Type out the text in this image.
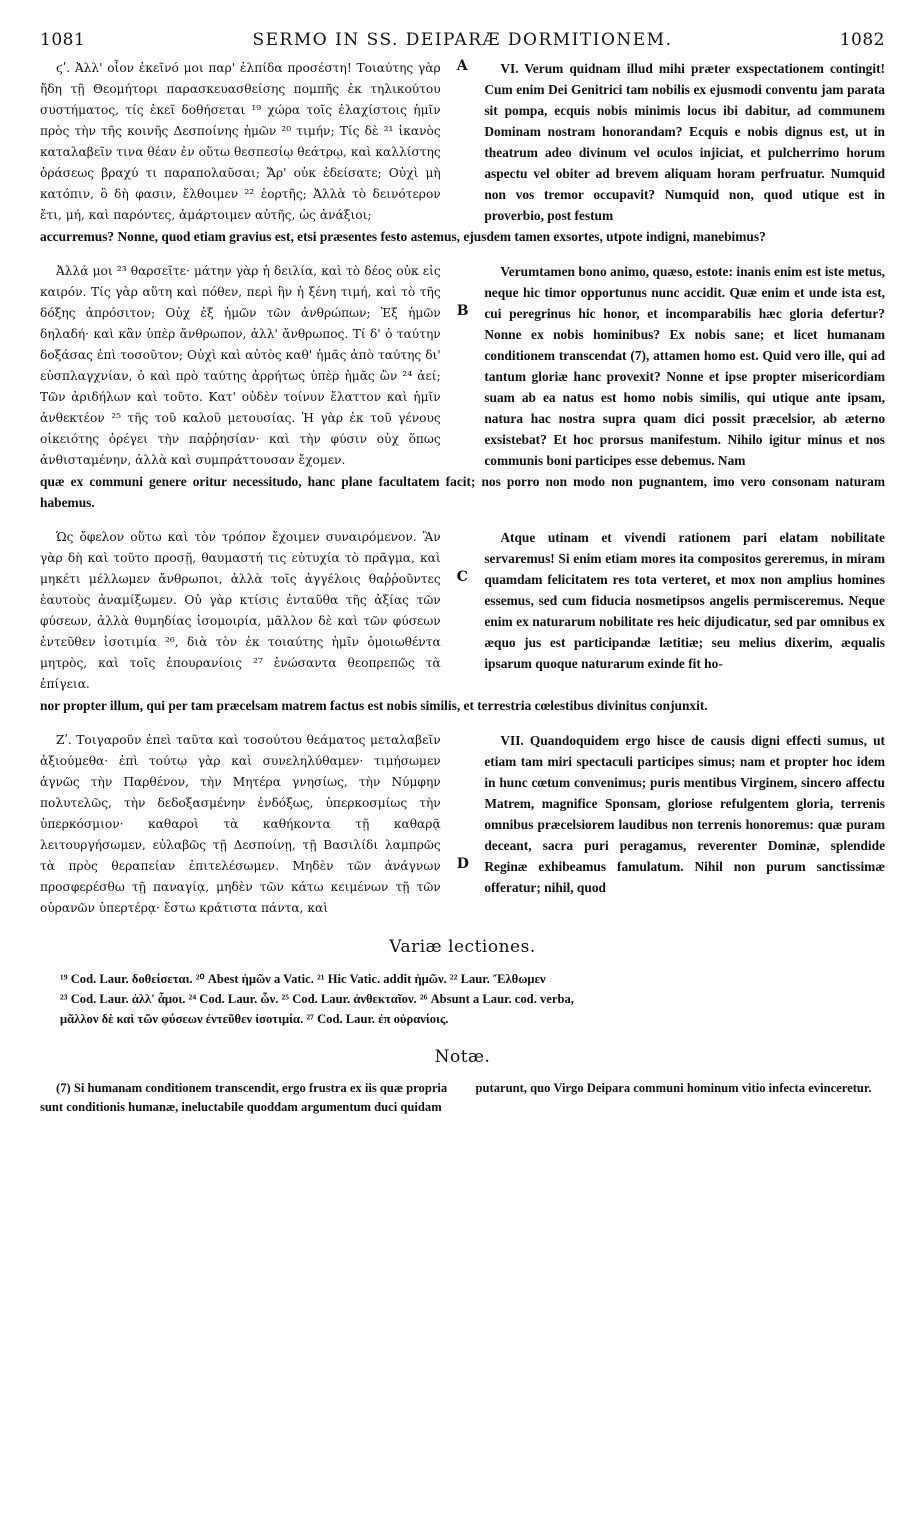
1081	SERMO IN SS. DEIPARÆ DORMITIONEM.	1082

ϛʹ. Ἀλλ' οἷον ἐκεῖνό μοι παρ' ἐλπίδα προσέστη! Τοιαύτης γὰρ ἤδη τῇ Θεομήτορι παρασκευασθείσης πομπῆς ἐκ τηλικούτου συστήματος, τίς ἐκεῖ δοθήσεται ¹⁹ χώρα τοῖς ἐλαχίστοις ἡμῖν πρὸς τὴν τῆς κοινῆς Δεσποίνης ἡμῶν ²⁰ τιμήν; Τίς δὲ ²¹ ἱκανὸς καταλαβεῖν τινα θέαν ἐν οὕτω θεσπεσίῳ θεάτρῳ, καὶ καλλίστης ὁράσεως βραχύ τι παραπολαῦσαι; Ἄρ' οὐκ ἐδείσατε; Οὐχὶ μὴ κατόπιν, ὃ δὴ φασιν, ἔλθοιμεν ²² ἑορτῆς; Ἀλλὰ τὸ δεινότερον ἔτι, μή, καὶ παρόντες, ἁμάρτοιμεν αὐτῆς, ὡς ἀνάξιοι;

A	VI. Verum quidnam illud mihi præter exspectationem contingit! Cum enim Dei Genitrici tam nobilis ex ejusmodi conventu jam parata sit pompa, ecquis nobis minimis locus ibi dabitur, ad communem Dominam nostram honorandam? Ecquis e nobis dignus est, ut in theatrum adeo divinum vel oculos injiciat, et pulcherrimo horum aspectu vel obiter ad brevem aliquam horam perfruatur. Numquid non vos tremor occupavit? Numquid non, quod utique est in proverbio, post festum

accurremus? Nonne, quod etiam gravius est, etsi præsentes festo astemus, ejusdem tamen exsortes, utpote indigni, manebimus?

Ἀλλά μοι ²³ θαρσεῖτε· μάτην γὰρ ἡ δειλία, καὶ τὸ δέος οὐκ εἰς καιρόν. Τίς γὰρ αὕτη καὶ πόθεν, περὶ ἣν ἡ ξένη τιμή, καὶ τὸ τῆς δόξης ἀπρόσιτον; Οὐχ ἐξ ἡμῶν τῶν ἀνθρώπων; Ἐξ ἡμῶν δηλαδή· καὶ κἂν ὑπὲρ ἄνθρωπον, ἀλλ' ἄνθρωπος. Τί δ' ὁ ταύτην δοξάσας ἐπὶ τοσοῦτον; Οὐχὶ καὶ αὐτὸς καθ' ἡμᾶς ἀπὸ ταύτης δι' εὐσπλαγχνίαν, ὁ καὶ πρὸ ταύτης ἀρρήτως ὑπὲρ ἡμᾶς ὢν ²⁴ ἀεί; Τῶν ἀριδήλων καὶ τοῦτο. Κατ' οὐδὲν τοίνυν ἔλαττον καὶ ἡμῖν ἀνθεκτέον ²⁵ τῆς τοῦ καλοῦ μετουσίας. Ἡ γὰρ ἐκ τοῦ γένους οἰκειότης ὀρέγει τὴν παῤῥησίαν· καὶ τὴν φύσιν οὐχ ὅπως ἀνθισταμένην, ἀλλὰ καὶ συμπράττουσαν ἔχομεν.

B

Verumtamen bono animo, quæso, estote: inanis enim est iste metus, neque hic timor opportunus nunc accidit. Quæ enim et unde ista est, cui peregrinus hic honor, et incomparabilis hæc gloria defertur? Nonne ex nobis hominibus? Ex nobis sane; et licet humanam conditionem transcendat (7), attamen homo est. Quid vero ille, qui ad tantum gloriæ hanc provexit? Nonne et ipse propter misericordiam suam ab ea natus est homo nobis similis, qui utique ante ipsam, natura hac nostra supra quam dici possit præcelsior, ab æterno exsistebat? Et hoc prorsus manifestum. Nihilo igitur minus et nos communis boni participes esse debemus. Nam

quæ ex communi genere oritur necessitudo, hanc plane facultatem facit; nos porro non modo non pugnantem, imo vero consonam naturam habemus.

Ὡς ὄφελον οὕτω καὶ τὸν τρόπον ἔχοιμεν συναιρόμενον. Ἂν γὰρ δὴ καὶ τοῦτο προσῇ, θαυμαστή τις εὐτυχία τὸ πρᾶγμα, καὶ μηκέτι μέλλωμεν ἄνθρωποι, ἀλλὰ τοῖς ἀγγέλοις θαῤῥοῦντες ἑαυτοὺς ἀναμίξωμεν. Οὐ γὰρ κτίσις ἐνταῦθα τῆς ἀξίας τῶν φύσεων, ἀλλὰ θυμηδίας ἰσομοιρία, μᾶλλον δὲ καὶ τῶν φύσεων ἐντεῦθεν ἰσοτιμία ²⁶, διὰ τὸν ἐκ τοιαύτης ἡμῖν ὁμοιωθέντα μητρὸς, καὶ τοῖς ἐπουρανίοις ²⁷ ἑνώσαντα θεοπρεπῶς τὰ ἐπίγεια.

C

Atque utinam et vivendi rationem pari elatam nobilitate servaremus! Si enim etiam mores ita compositos gereremus, in miram quamdam felicitatem res tota verteret, et mox non amplius homines essemus, sed cum fiducia nosmetipsos angelis permisceremus. Neque enim ex naturarum nobilitate res heic dijudicatur, sed par omnibus ex æquo jus est participandæ lætitiæ; seu melius dixerim, æqualis ipsarum quoque naturarum exinde fit ho-

nor propter illum, qui per tam præcelsam matrem factus est nobis similis, et terrestria cœlestibus divinitus conjunxit.

Ζʹ. Τοιγαροῦν ἐπεὶ ταῦτα καὶ τοσούτου θεάματος μεταλαβεῖν ἀξιούμεθα· ἐπὶ τούτῳ γὰρ καὶ συνεληλύθαμεν· τιμήσωμεν ἁγνῶς τὴν Παρθένον, τὴν Μητέρα γνησίως, τὴν Νύμφην πολυτελῶς, τὴν δεδοξασμένην ἐνδόξως, ὑπερκοσμίως τὴν ὑπερκόσμιον· καθαροὶ τὰ καθήκοντα τῇ καθαρᾷ λειτουργήσωμεν, εὐλαβῶς τῇ Δεσποίνῃ, τῇ Βασιλίδι λαμπρῶς τὰ πρὸς θεραπείαν ἐπιτελέσωμεν. Μηδὲν τῶν ἀνάγνων προσφερέσθω τῇ παναγίᾳ, μηδὲν τῶν κάτω κειμένων τῇ τῶν οὐρανῶν ὑπερτέρᾳ· ἔστω κράτιστα πάντα, καὶ

D

VII. Quandoquidem ergo hisce de causis digni effecti sumus, ut etiam tam miri spectaculi participes simus; nam et propter hoc idem in hunc cœtum convenimus; puris mentibus Virginem, sincero affectu Matrem, magnifice Sponsam, gloriose refulgentem gloria, terrenis omnibus præcelsiorem laudibus non terrenis honoremus: quæ puram deceant, sacra puri peragamus, reverenter Dominæ, splendide Reginæ exhibeamus famulatum. Nihil non purum sanctissimæ offeratur; nihil, quod

Variæ lectiones.
¹⁹ Cod. Laur. δοθείσεται. ²⁰ Abest ἡμῶν a Vatic. ²¹ Hic Vatic. addit ἡμῶν. ²² Laur. Ἔλθωμεν
²³ Cod. Laur. ἀλλ' ἆμοι. ²⁴ Cod. Laur. ὧν. ²⁵ Cod. Laur. ἀνθεκταῖον. ²⁶ Absunt a Laur. cod. verba,
μᾶλλον δὲ καὶ τῶν φύσεων ἐντεῦθεν ἰσοτιμία. ²⁷ Cod. Laur. ἐπ οὐρανίοις.
Notæ.

(7) Si humanam conditionem transcendit, ergo frustra ex iis quæ propria sunt conditionis humanæ, ineluctabile quoddam argumentum duci quidam

putarunt, quo Virgo Deipara communi hominum vitio infecta evinceretur.
